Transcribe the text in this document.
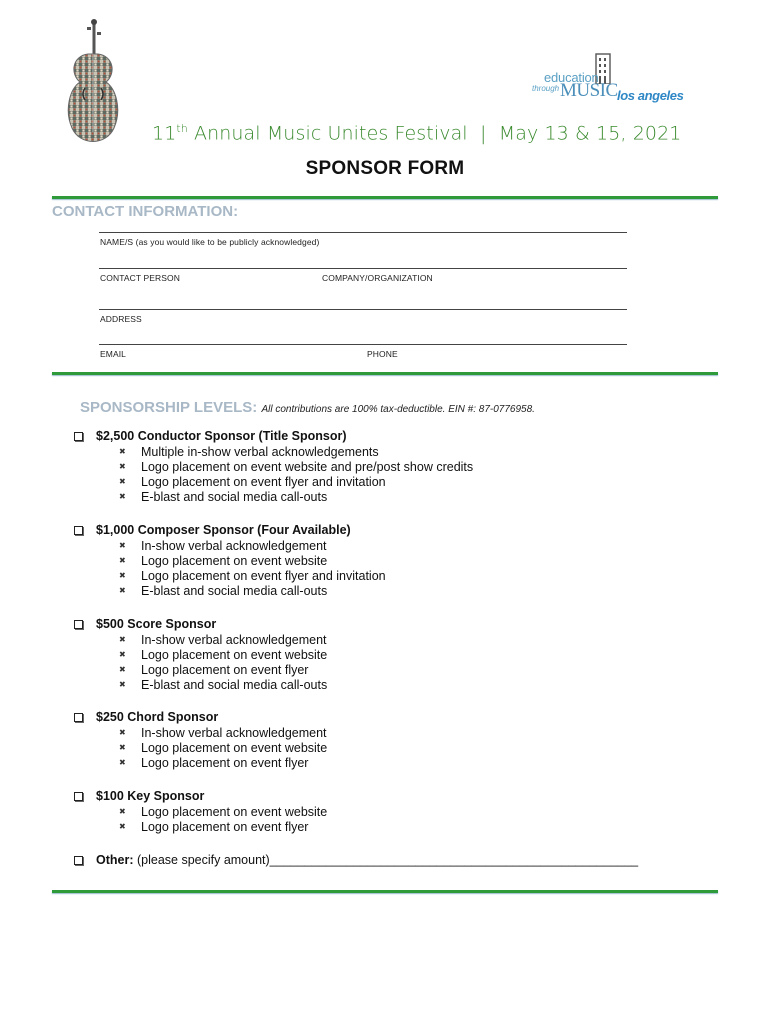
education
through MUSIC los angeles
11th Annual Music Unites Festival  |  May 13 & 15, 2021
SPONSOR FORM
CONTACT INFORMATION:
NAME/S (as you would like to be publicly acknowledged)
CONTACT PERSON	COMPANY/ORGANIZATION
ADDRESS
EMAIL	PHONE
SPONSORSHIP LEVELS: All contributions are 100% tax-deductible. EIN #: 87-0776958.
$2,500 Conductor Sponsor (Title Sponsor)
✖	Multiple in-show verbal acknowledgements
✖	Logo placement on event website and pre/post show credits
✖	Logo placement on event flyer and invitation
✖	E-blast and social media call-outs
$1,000 Composer Sponsor (Four Available)
✖	In-show verbal acknowledgement
✖	Logo placement on event website
✖	Logo placement on event flyer and invitation
✖	E-blast and social media call-outs
$500 Score Sponsor
✖	In-show verbal acknowledgement
✖	Logo placement on event website
✖	Logo placement on event flyer
✖	E-blast and social media call-outs
$250 Chord Sponsor
✖	In-show verbal acknowledgement
✖	Logo placement on event website
✖	Logo placement on event flyer
$100 Key Sponsor
✖	Logo placement on event website
✖	Logo placement on event flyer
Other: (please specify amount)_____________________________________________________
